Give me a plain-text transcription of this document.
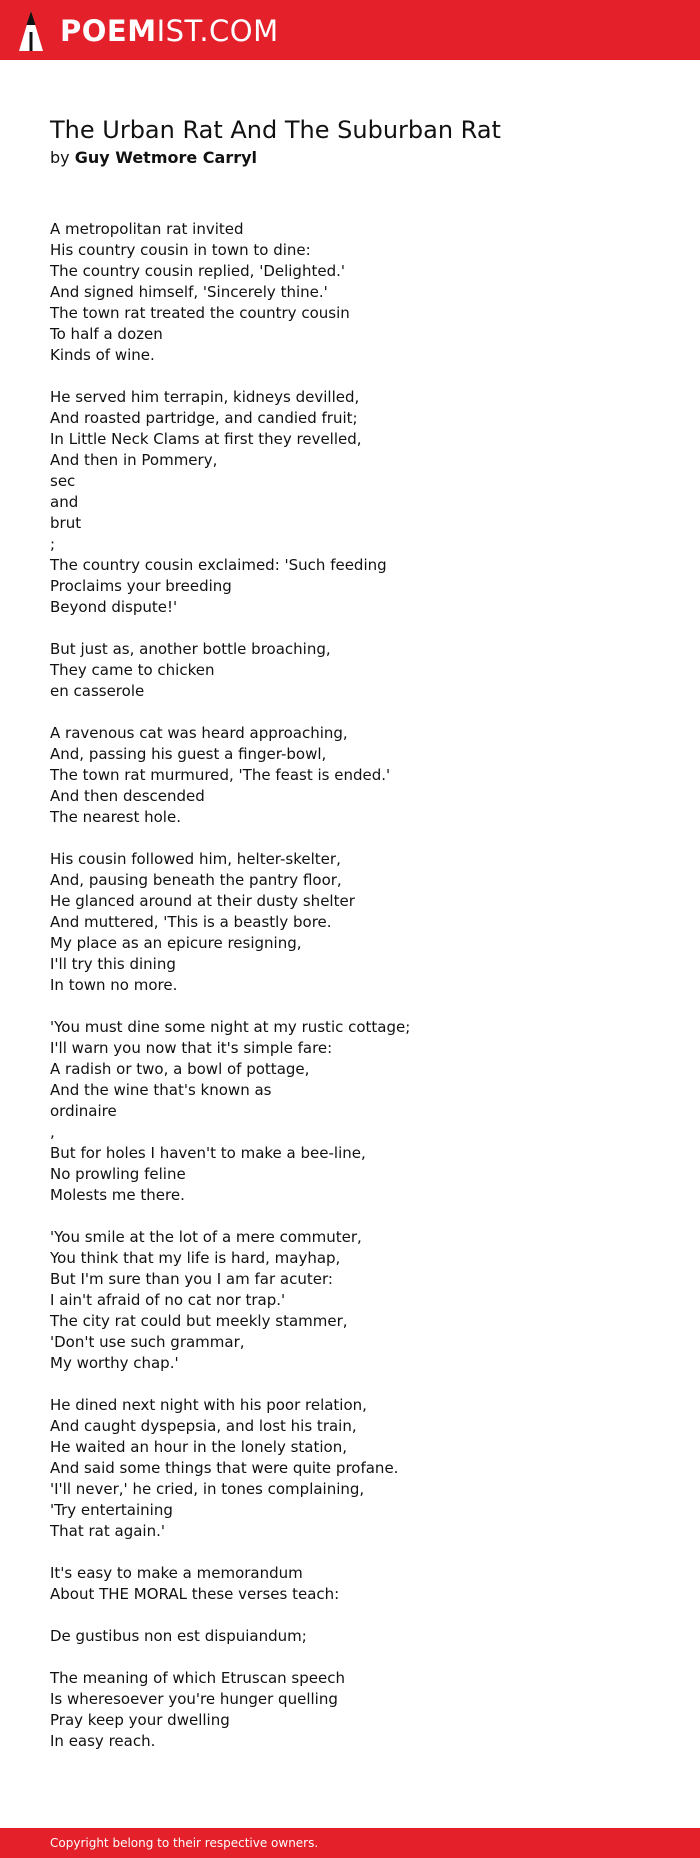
POEMIST.COM
The Urban Rat And The Suburban Rat
by Guy Wetmore Carryl
A metropolitan rat invited
His country cousin in town to dine:
The country cousin replied, 'Delighted.'
And signed himself, 'Sincerely thine.'
The town rat treated the country cousin
To half a dozen
Kinds of wine.
He served him terrapin, kidneys devilled,
And roasted partridge, and candied fruit;
In Little Neck Clams at first they revelled,
And then in Pommery,
sec
and
brut
;
The country cousin exclaimed: 'Such feeding
Proclaims your breeding
Beyond dispute!'
But just as, another bottle broaching,
They came to chicken
en casserole
A ravenous cat was heard approaching,
And, passing his guest a finger-bowl,
The town rat murmured, 'The feast is ended.'
And then descended
The nearest hole.
His cousin followed him, helter-skelter,
And, pausing beneath the pantry floor,
He glanced around at their dusty shelter
And muttered, 'This is a beastly bore.
My place as an epicure resigning,
I'll try this dining
In town no more.
'You must dine some night at my rustic cottage;
I'll warn you now that it's simple fare:
A radish or two, a bowl of pottage,
And the wine that's known as
ordinaire
,
But for holes I haven't to make a bee-line,
No prowling feline
Molests me there.
'You smile at the lot of a mere commuter,
You think that my life is hard, mayhap,
But I'm sure than you I am far acuter:
I ain't afraid of no cat nor trap.'
The city rat could but meekly stammer,
'Don't use such grammar,
My worthy chap.'
He dined next night with his poor relation,
And caught dyspepsia, and lost his train,
He waited an hour in the lonely station,
And said some things that were quite profane.
'I'll never,' he cried, in tones complaining,
'Try entertaining
That rat again.'
It's easy to make a memorandum
About THE MORAL these verses teach:
De gustibus non est dispuiandum;
The meaning of which Etruscan speech
Is wheresoever you're hunger quelling
Pray keep your dwelling
In easy reach.
Copyright belong to their respective owners.
